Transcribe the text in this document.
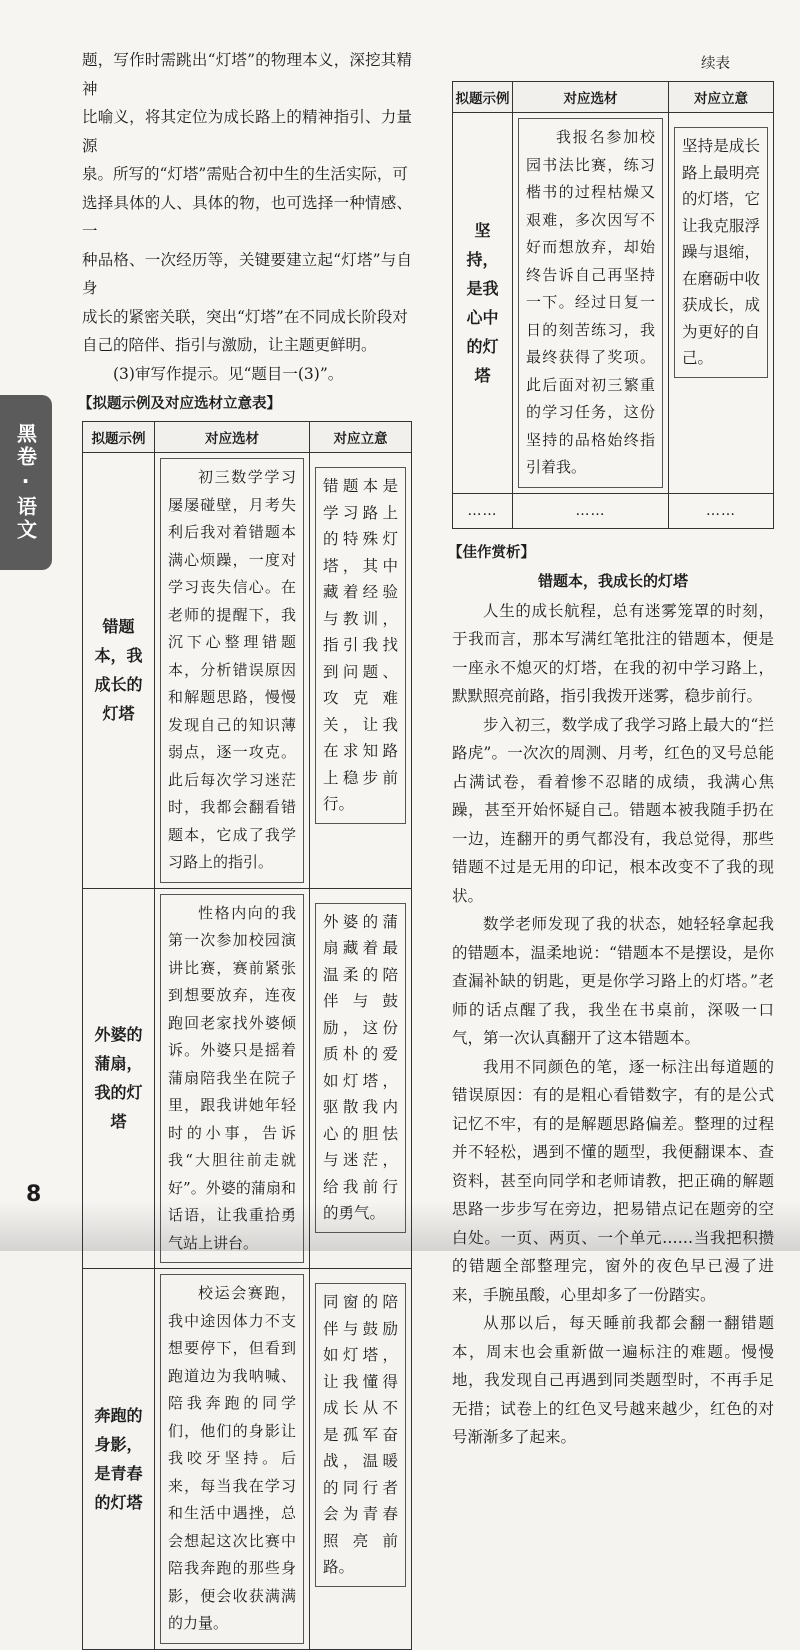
题，写作时需跳出“灯塔”的物理本义，深挖其精神

比喻义，将其定位为成长路上的精神指引、力量源

泉。所写的“灯塔”需贴合初中生的生活实际，可

选择具体的人、具体的物，也可选择一种情感、一

种品格、一次经历等，关键要建立起“灯塔”与自身

成长的紧密关联，突出“灯塔”在不同成长阶段对

自己的陪伴、指引与激励，让主题更鲜明。

(3)审写作提示。见“题目一(3)”。

【拟题示例及对应选材立意表】
拟题示例	对应选材	对应立意
错题本，我成长的灯塔	初三数学学习屡屡碰壁，月考失利后我对着错题本满心烦躁，一度对学习丧失信心。在老师的提醒下，我沉下心整理错题本，分析错误原因和解题思路，慢慢发现自己的知识薄弱点，逐一攻克。此后每次学习迷茫时，我都会翻看错题本，它成了我学习路上的指引。	错题本是学习路上的特殊灯塔，其中藏着经验与教训，指引我找到问题、攻克难关，让我在求知路上稳步前行。

外婆的蒲扇，我的灯塔	性格内向的我第一次参加校园演讲比赛，赛前紧张到想要放弃，连夜跑回老家找外婆倾诉。外婆只是摇着蒲扇陪我坐在院子里，跟我讲她年轻时的小事，告诉我“大胆往前走就好”。外婆的蒲扇和话语，让我重拾勇气站上讲台。	外婆的蒲扇藏着最温柔的陪伴与鼓励，这份质朴的爱如灯塔，驱散我内心的胆怯与迷茫，给我前行的勇气。

奔跑的身影，是青春的灯塔	校运会赛跑，我中途因体力不支想要停下，但看到跑道边为我呐喊、陪我奔跑的同学们，他们的身影让我咬牙坚持。后来，每当我在学习和生活中遇挫，总会想起这次比赛中陪我奔跑的那些身影，便会收获满满的力量。	同窗的陪伴与鼓励如灯塔，让我懂得成长从不是孤军奋战，温暖的同行者会为青春照亮前路。
续表
拟题示例	对应选材	对应立意
坚持，是我心中的灯塔	我报名参加校园书法比赛，练习楷书的过程枯燥又艰难，多次因写不好而想放弃，却始终告诉自己再坚持一下。经过日复一日的刻苦练习，我最终获得了奖项。此后面对初三繁重的学习任务，这份坚持的品格始终指引着我。	坚持是成长路上最明亮的灯塔，它让我克服浮躁与退缩，在磨砺中收获成长，成为更好的自己。

……	……	……
【佳作赏析】
错题本，我成长的灯塔

人生的成长航程，总有迷雾笼罩的时刻，于我而言，那本写满红笔批注的错题本，便是一座永不熄灭的灯塔，在我的初中学习路上，默默照亮前路，指引我拨开迷雾，稳步前行。

步入初三，数学成了我学习路上最大的“拦路虎”。一次次的周测、月考，红色的叉号总能占满试卷，看着惨不忍睹的成绩，我满心焦躁，甚至开始怀疑自己。错题本被我随手扔在一边，连翻开的勇气都没有，我总觉得，那些错题不过是无用的印记，根本改变不了我的现状。

数学老师发现了我的状态，她轻轻拿起我的错题本，温柔地说：“错题本不是摆设，是你查漏补缺的钥匙，更是你学习路上的灯塔。”老师的话点醒了我，我坐在书桌前，深吸一口气，第一次认真翻开了这本错题本。

我用不同颜色的笔，逐一标注出每道题的错误原因：有的是粗心看错数字，有的是公式记忆不牢，有的是解题思路偏差。整理的过程并不轻松，遇到不懂的题型，我便翻课本、查资料，甚至向同学和老师请教，把正确的解题思路一步步写在旁边，把易错点记在题旁的空白处。一页、两页、一个单元……当我把积攒的错题全部整理完，窗外的夜色早已漫了进来，手腕虽酸，心里却多了一份踏实。

从那以后，每天睡前我都会翻一翻错题本，周末也会重新做一遍标注的难题。慢慢地，我发现自己再遇到同类题型时，不再手足无措；试卷上的红色叉号越来越少，红色的对号渐渐多了起来。

黑卷·语文
8
